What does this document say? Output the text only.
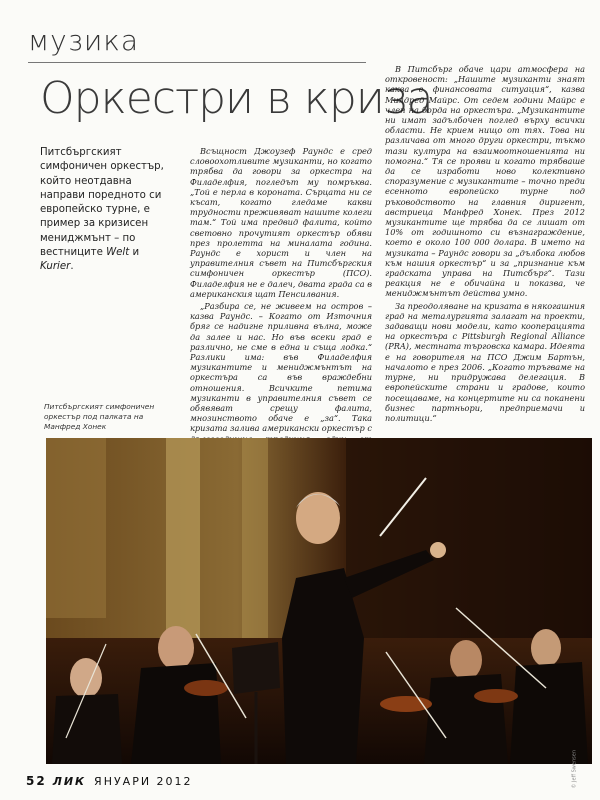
музика
Оркестри в криза
Питсбъргският симфоничен оркестър, който неотдавна направи поредното си европейско турне, е пример за кризисен мениджмънт – по вестниците Welt и Kurier.
Питсбъргският симфоничен оркестър под палката на Манфред Хонек

Всъщност Джоузеф Раундс е сред словоохотливите музиканти, но когато трябва да говори за оркестра на Филаделфия, погледът му помръква. „Той е перла в короната. Сърцата ни се късат, когато гледаме какви трудности преживяват нашите колеги там.“ Той има предвид фалита, който световно прочутият оркестър обяви през пролетта на миналата година. Раундс е хорист и член на управителния съвет на Питсбъргския симфоничен оркестър (ПСО). Филаделфия не е далеч, двата града са в американския щат Пенсилвания.

„Разбира се, не живеем на остров – казва Раундс. – Когато от Източния бряг се надигне приливна вълна, може да залее и нас. Но във всеки град е различно, не сме в една и съща лодка.“ Разлики има: във Филаделфия музикантите и мениджмънтът на оркестъра са във враждебни отношения. Всичките петима музиканти в управителния съвет се обявяват срещу фалита, мнозинството обаче е „за“. Така кризата залива американски оркестър с

В Питсбърг обаче цари атмосфера на откровеност: „Нашите музиканти знаят каква е финансовата ситуация“, казва Милдред Майрс. От седем години Майрс е член на борда на оркестъра. „Музикантите ни имат задълбочен поглед върху всички области. Не крием нищо от тях. Това ни различава от много други оркестри, тъкмо тази култура на взаимоотношенията ни помогна.“ Тя се прояви и когато трябваше да се изработи ново колективно споразумение с музикантите – точно преди есенното европейско турне под ръководството на главния диригент, австриеца Манфред Хонек. През 2012 музикантите ще трябва да се лишат от 10% от годишното си възнаграждение, което е около 100 000 долара. В името на музиката – Раундс говори за „дълбока любов към нашия оркестър“ и за „признание към градската управа на Питсбърг“. Тази реакция не е обичайна и показва, че мениджмънтът действа умно.

За преодоляване на кризата в някогашния град на металургията залагат на проекти, задаващи нови модели, като кооперацията на оркестъра с Pittsburgh Regional Alliance (PRA), местната търговска камара. Идеята е на говорителя на ПСО Джим Бартън, началото е през 2006. „Когато тръгваме на турне, ни придружава делегация. В европейските страни и градове, които посещаваме, на концертите ни са поканени бизнес партньори, предприемачи и политици.“

© Jeff Swensen
52 ЛИК ЯНУАРИ 2012
